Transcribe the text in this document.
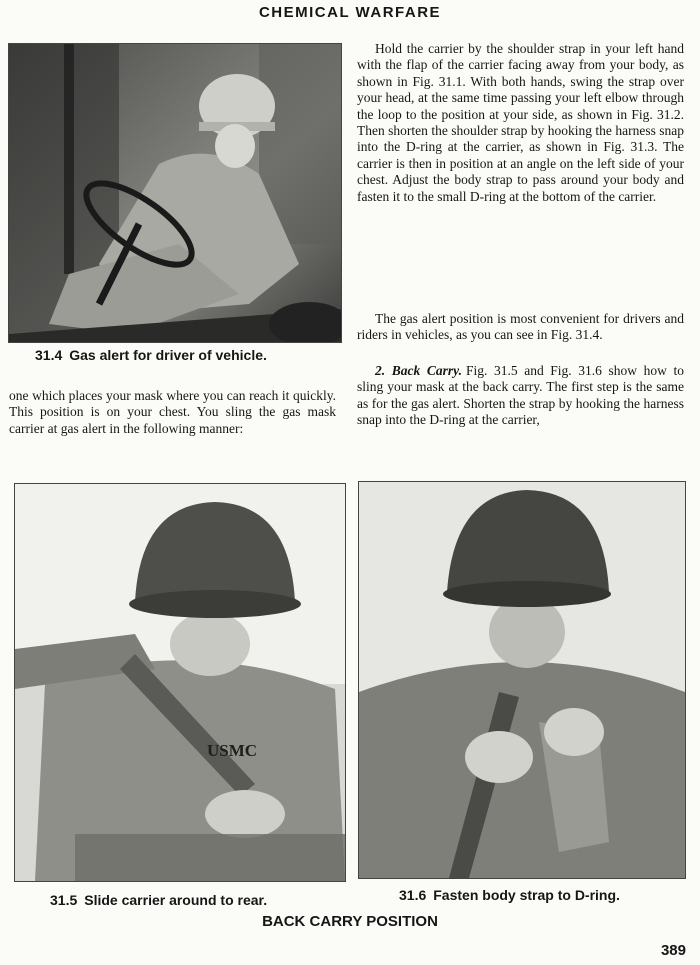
CHEMICAL WARFARE
31.4 Gas alert for driver of vehicle.

Hold the carrier by the shoulder strap in your left hand with the flap of the carrier facing away from your body, as shown in Fig. 31.1. With both hands, swing the strap over your head, at the same time passing your left elbow through the loop to the position at your side, as shown in Fig. 31.2. Then shorten the shoulder strap by hooking the harness snap into the D-ring at the carrier, as shown in Fig. 31.3. The carrier is then in position at an angle on the left side of your chest. Adjust the body strap to pass around your body and fasten it to the small D-ring at the bottom of the carrier.

The gas alert position is most convenient for drivers and riders in vehicles, as you can see in Fig. 31.4.

2. Back Carry. Fig. 31.5 and Fig. 31.6 show how to sling your mask at the back carry. The first step is the same as for the gas alert. Shorten the strap by hooking the harness snap into the D-ring at the carrier,

one which places your mask where you can reach it quickly. This position is on your chest. You sling the gas mask carrier at gas alert in the following manner:

USMC
31.5 Slide carrier around to rear.	31.6 Fasten body strap to D-ring.
BACK CARRY POSITION
389
